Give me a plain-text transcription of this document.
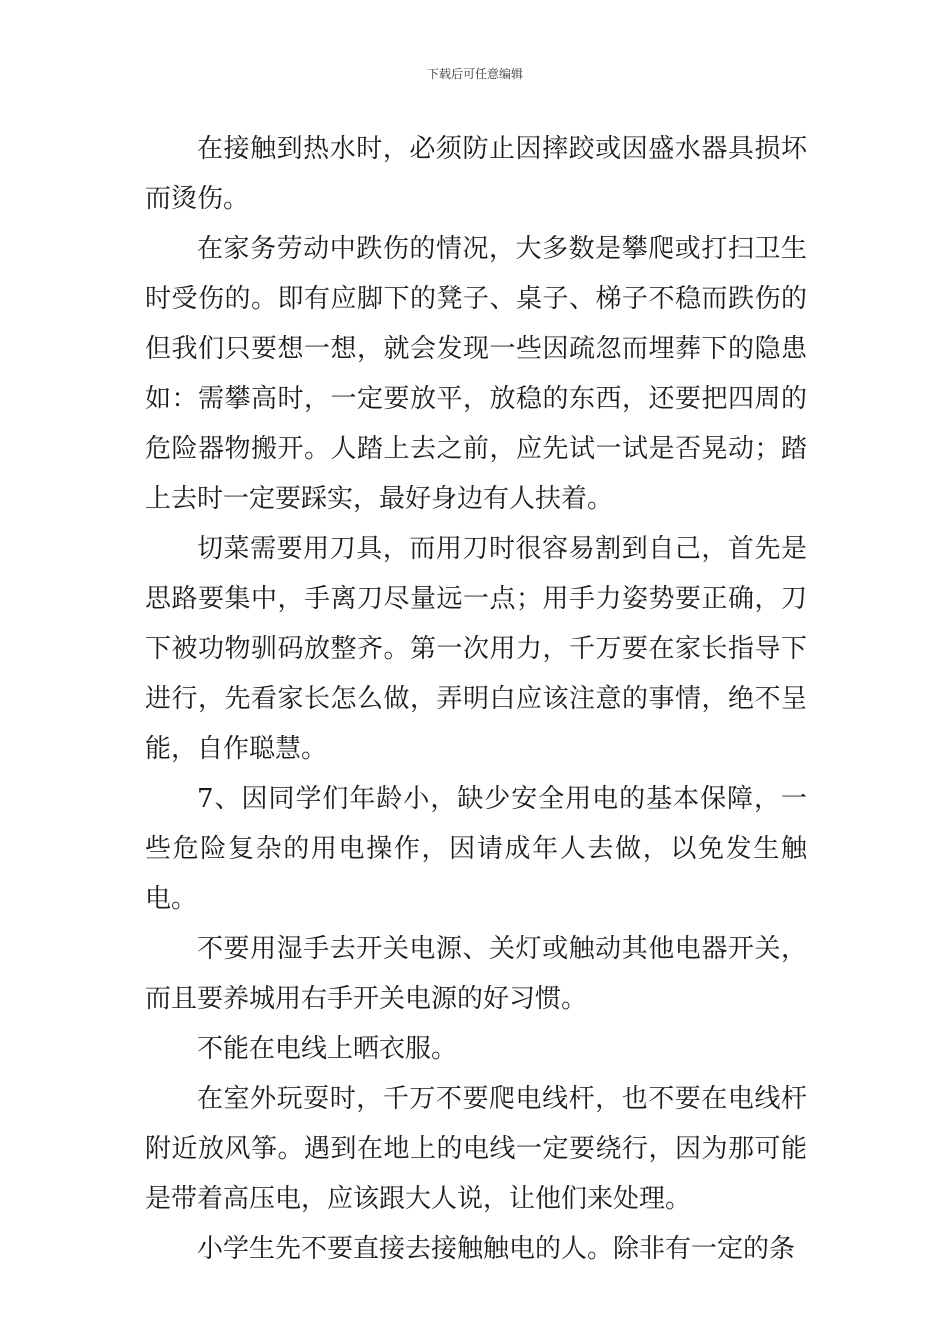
下载后可任意编辑

在接触到热水时，必须防止因摔跤或因盛水器具损坏而烫伤。

在家务劳动中跌伤的情况，大多数是攀爬或打扫卫生时受伤的。即有应脚下的凳子、桌子、梯子不稳而跌伤的但我们只要想一想，就会发现一些因疏忽而埋葬下的隐患如：需攀高时，一定要放平，放稳的东西，还要把四周的危险器物搬开。人踏上去之前，应先试一试是否晃动；踏上去时一定要踩实，最好身边有人扶着。

切菜需要用刀具，而用刀时很容易割到自己，首先是思路要集中，手离刀尽量远一点；用手力姿势要正确，刀下被功物驯码放整齐。第一次用力，千万要在家长指导下进行，先看家长怎么做，弄明白应该注意的事情，绝不呈能，自作聪慧。

7、因同学们年龄小，缺少安全用电的基本保障，一些危险复杂的用电操作，因请成年人去做，以免发生触电。

不要用湿手去开关电源、关灯或触动其他电器开关，而且要养城用右手开关电源的好习惯。

不能在电线上晒衣服。

在室外玩耍时，千万不要爬电线杆，也不要在电线杆附近放风筝。遇到在地上的电线一定要绕行，因为那可能是带着高压电，应该跟大人说，让他们来处理。

小学生先不要直接去接触触电的人。除非有一定的条
